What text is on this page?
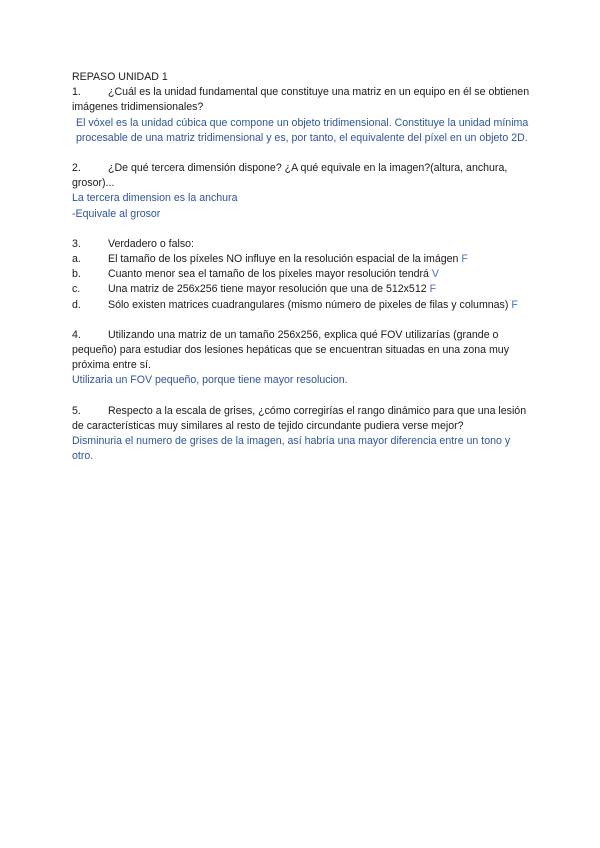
REPASO UNIDAD 1

1.	¿Cuál es la unidad fundamental que constituye una matriz en un equipo en él se obtienen imágenes tridimensionales?

El vóxel es la unidad cúbica que compone un objeto tridimensional. Constituye la unidad mínima procesable de una matriz tridimensional y es, por tanto, el equivalente del píxel en un objeto 2D.

2.	¿De qué tercera dimensión dispone? ¿A qué equivale en la imagen?(altura, anchura, grosor)...

La tercera dimension es la anchura

-Equivale al grosor

3.	Verdadero o falso:

a.	El tamaño de los píxeles NO influye en la resolución espacial de la imágen F

b.	Cuanto menor sea el tamaño de los píxeles mayor resolución tendrá V

c.	Una matriz de 256x256 tiene mayor resolución que una de 512x512 F

d.	Sólo existen matrices cuadrangulares (mismo número de pixeles de filas y columnas) F

4.	Utilizando una matriz de un tamaño 256x256, explica qué FOV utilizarías (grande o pequeño) para estudiar dos lesiones hepáticas que se encuentran situadas en una zona muy próxima entre sí.

Utilizaria un FOV pequeño, porque tiene mayor resolucion.

5.	Respecto a la escala de grises, ¿cómo corregirías el rango dinámico para que una lesión de características muy similares al resto de tejido circundante pudiera verse mejor?

Disminuria el numero de grises de la imagen, así habría una mayor diferencia entre un tono y otro.
